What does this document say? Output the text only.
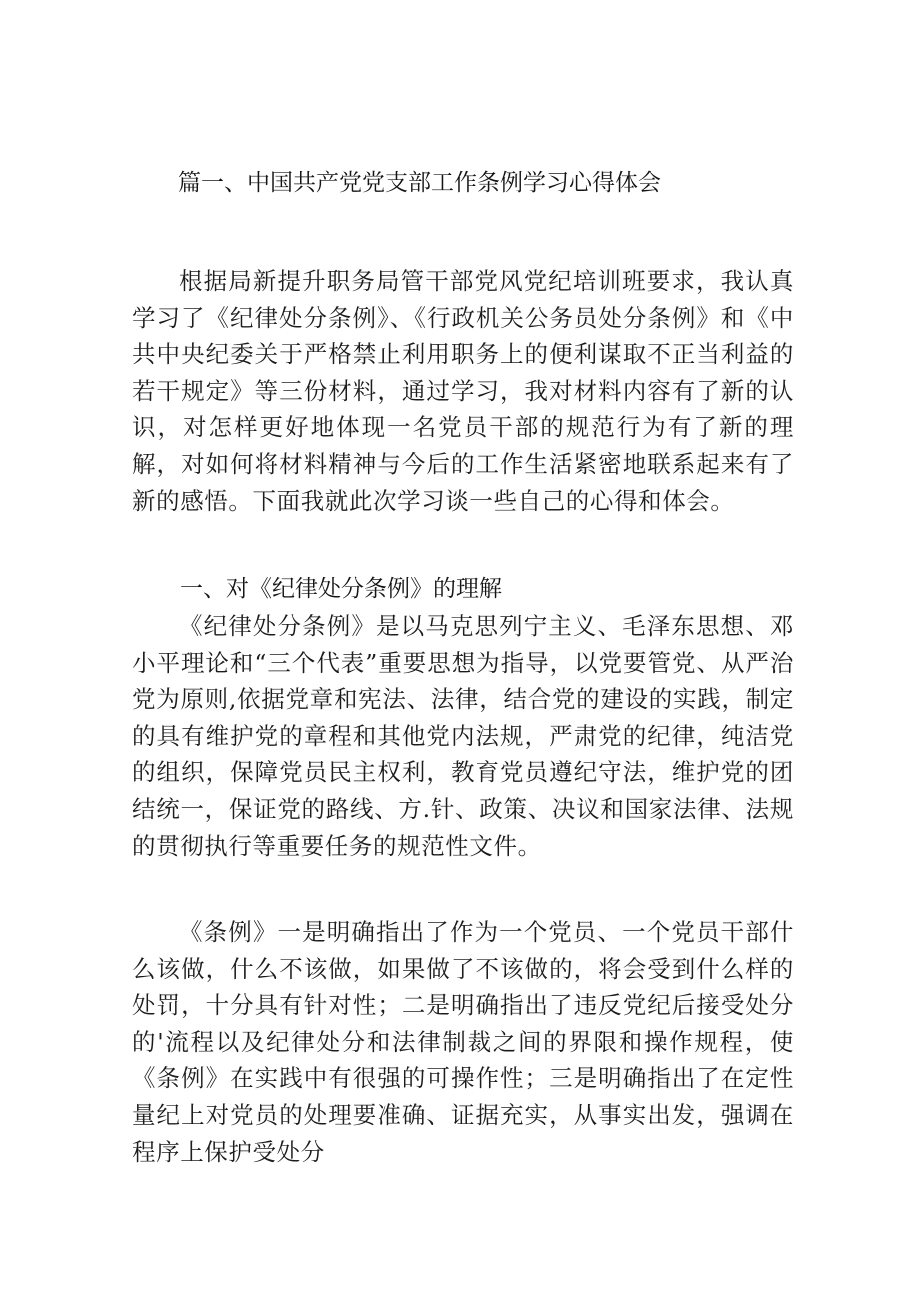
篇一、中国共产党党支部工作条例学习心得体会

根据局新提升职务局管干部党风党纪培训班要求，我认真学习了《纪律处分条例》、《行政机关公务员处分条例》和《中共中央纪委关于严格禁止利用职务上的便利谋取不正当利益的若干规定》等三份材料，通过学习，我对材料内容有了新的认识，对怎样更好地体现一名党员干部的规范行为有了新的理解，对如何将材料精神与今后的工作生活紧密地联系起来有了新的感悟。下面我就此次学习谈一些自己的心得和体会。

一、对《纪律处分条例》的理解

《纪律处分条例》是以马克思列宁主义、毛泽东思想、邓小平理论和“三个代表”重要思想为指导，以党要管党、从严治党为原则,依据党章和宪法、法律，结合党的建设的实践，制定的具有维护党的章程和其他党内法规，严肃党的纪律，纯洁党的组织，保障党员民主权利，教育党员遵纪守法，维护党的团结统一，保证党的路线、方.针、政策、决议和国家法律、法规的贯彻执行等重要任务的规范性文件。

《条例》一是明确指出了作为一个党员、一个党员干部什么该做，什么不该做，如果做了不该做的，将会受到什么样的处罚，十分具有针对性；二是明确指出了违反党纪后接受处分的'流程以及纪律处分和法律制裁之间的界限和操作规程，使《条例》在实践中有很强的可操作性；三是明确指出了在定性量纪上对党员的处理要准确、证据充实，从事实出发，强调在程序上保护受处分
